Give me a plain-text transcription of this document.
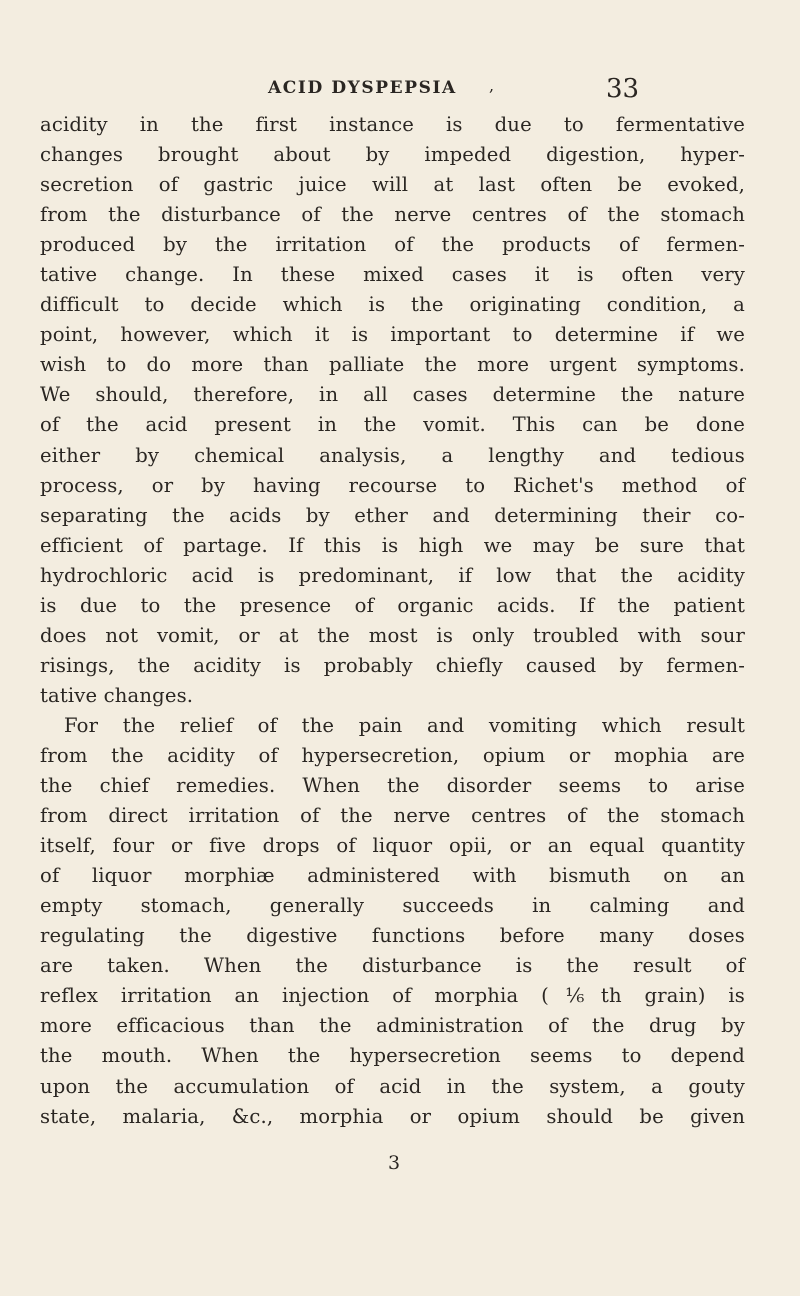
ACID DYSPEPSIA ,	33
acidity in the first instance is due to fermentative
changes brought about by impeded digestion, hyper-
secretion of gastric juice will at last often be evoked,
from the disturbance of the nerve centres of the stomach
produced by the irritation of the products of fermen-
tative change. In these mixed cases it is often very
difficult to decide which is the originating condition, a
point, however, which it is important to determine if we
wish to do more than palliate the more urgent symptoms.
We should, therefore, in all cases determine the nature
of the acid present in the vomit. This can be done
either by chemical analysis, a lengthy and tedious
process, or by having recourse to Richet's method of
separating the acids by ether and determining their co-
efficient of partage. If this is high we may be sure that
hydrochloric acid is predominant, if low that the acidity
is due to the presence of organic acids. If the patient
does not vomit, or at the most is only troubled with sour
risings, the acidity is probably chiefly caused by fermen-
tative changes.
For the relief of the pain and vomiting which result
from the acidity of hypersecretion, opium or mophia are
the chief remedies. When the disorder seems to arise
from direct irritation of the nerve centres of the stomach
itself, four or five drops of liquor opii, or an equal quantity
of liquor morphiæ administered with bismuth on an
empty stomach, generally succeeds in calming and
regulating the digestive functions before many doses
are taken. When the disturbance is the result of
reflex irritation an injection of morphia (⅙th grain) is
more efficacious than the administration of the drug by
the mouth. When the hypersecretion seems to depend
upon the accumulation of acid in the system, a gouty
state, malaria, &c., morphia or opium should be given
3
